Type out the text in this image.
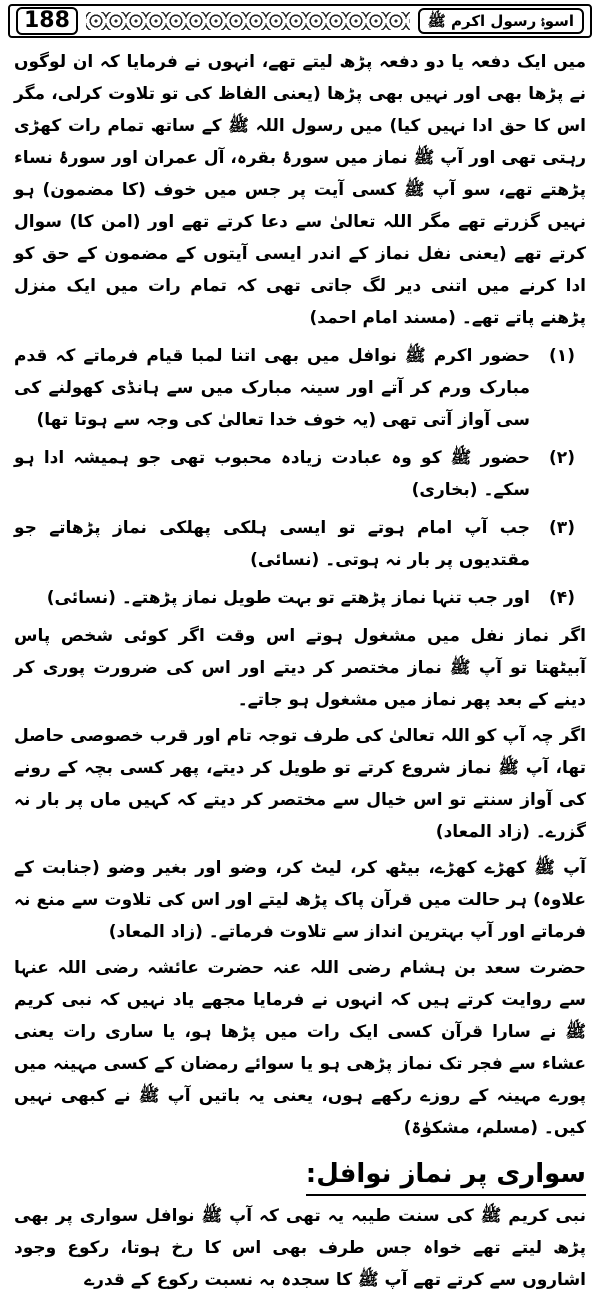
188	اسوۂ رسول اکرم ﷺ

میں ایک دفعہ یا دو دفعہ پڑھ لیتے تھے، انہوں نے فرمایا کہ ان لوگوں نے پڑھا بھی اور نہیں بھی پڑھا (یعنی الفاظ کی تو تلاوت کرلی، مگر اس کا حق ادا نہیں کیا) میں رسول اللہ ﷺ کے ساتھ تمام رات کھڑی رہتی تھی اور آپ ﷺ نماز میں سورۂ بقرہ، آل عمران اور سورۂ نساء پڑھتے تھے، سو آپ ﷺ کسی آیت پر جس میں خوف (کا مضمون) ہو نہیں گزرتے تھے مگر اللہ تعالیٰ سے دعا کرتے تھے اور (امن کا) سوال کرتے تھے (یعنی نفل نماز کے اندر ایسی آیتوں کے مضمون کے حق کو ادا کرنے میں اتنی دیر لگ جاتی تھی کہ تمام رات میں ایک منزل پڑھنے پاتے تھے۔ (مسند امام احمد)

(۱)
حضور اکرم ﷺ نوافل میں بھی اتنا لمبا قیام فرماتے کہ قدم مبارک ورم کر آتے اور سینہ مبارک میں سے ہانڈی کھولنے کی سی آواز آتی تھی (یہ خوف خدا تعالیٰ کی وجہ سے ہوتا تھا)
(۲)
حضور ﷺ کو وہ عبادت زیادہ محبوب تھی جو ہمیشہ ادا ہو سکے۔ (بخاری)
(۳)
جب آپ امام ہوتے تو ایسی ہلکی پھلکی نماز پڑھاتے جو مقتدیوں پر بار نہ ہوتی۔ (نسائی)
(۴)
اور جب تنہا نماز پڑھتے تو بہت طویل نماز پڑھتے۔ (نسائی)

اگر نماز نفل میں مشغول ہوتے اس وقت اگر کوئی شخص پاس آبیٹھتا تو آپ ﷺ نماز مختصر کر دیتے اور اس کی ضرورت پوری کر دینے کے بعد پھر نماز میں مشغول ہو جاتے۔

اگر چہ آپ کو اللہ تعالیٰ کی طرف توجہ تام اور قرب خصوصی حاصل تھا، آپ ﷺ نماز شروع کرتے تو طویل کر دیتے، پھر کسی بچہ کے رونے کی آواز سنتے تو اس خیال سے مختصر کر دیتے کہ کہیں ماں پر بار نہ گزرے۔ (زاد المعاد)

آپ ﷺ کھڑے کھڑے، بیٹھ کر، لیٹ کر، وضو اور بغیر وضو (جنابت کے علاوہ) ہر حالت میں قرآن پاک پڑھ لیتے اور اس کی تلاوت سے منع نہ فرماتے اور آپ بہترین انداز سے تلاوت فرماتے۔ (زاد المعاد)

حضرت سعد بن ہشام رضی اللہ عنہ حضرت عائشہ رضی اللہ عنہا سے روایت کرتے ہیں کہ انہوں نے فرمایا مجھے یاد نہیں کہ نبی کریم ﷺ نے سارا قرآن کسی ایک رات میں پڑھا ہو، یا ساری رات یعنی عشاء سے فجر تک نماز پڑھی ہو یا سوائے رمضان کے کسی مہینہ میں پورے مہینہ کے روزے رکھے ہوں، یعنی یہ باتیں آپ ﷺ نے کبھی نہیں کیں۔ (مسلم، مشکوٰۃ)

سواری پر نماز نوافل:

نبی کریم ﷺ کی سنت طیبہ یہ تھی کہ آپ ﷺ نوافل سواری پر بھی پڑھ لیتے تھے خواہ جس طرف بھی اس کا رخ ہوتا، رکوع وجود اشاروں سے کرتے تھے آپ ﷺ کا سجدہ بہ نسبت رکوع کے قدرے
